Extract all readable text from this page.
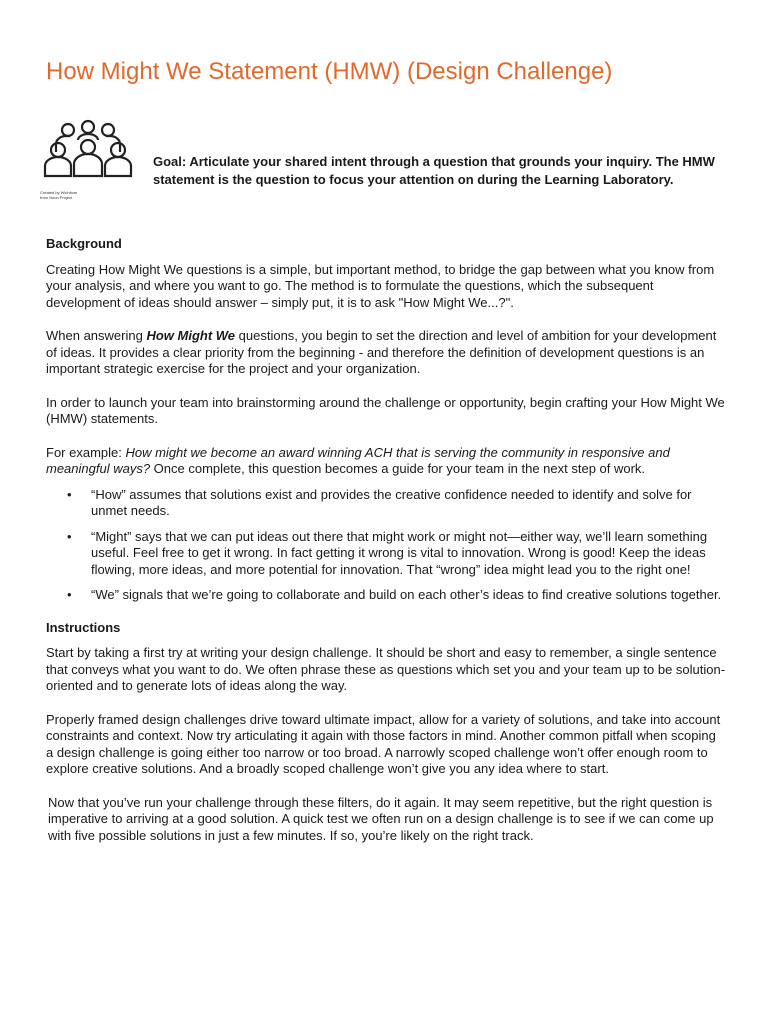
How Might We Statement (HMW) (Design Challenge)
Created by Wichitom
from Noun Project

Goal: Articulate your shared intent through a question that grounds your inquiry. The HMW statement is the question to focus your attention on during the Learning Laboratory.

Background

Creating How Might We questions is a simple, but important method, to bridge the gap between what you know from your analysis, and where you want to go. The method is to formulate the questions, which the subsequent development of ideas should answer – simply put, it is to ask "How Might We...?".

When answering How Might We questions, you begin to set the direction and level of ambition for your development of ideas. It provides a clear priority from the beginning - and therefore the definition of development questions is an important strategic exercise for the project and your organization.

In order to launch your team into brainstorming around the challenge or opportunity, begin crafting your How Might We (HMW) statements.

For example: How might we become an award winning ACH that is serving the community in responsive and meaningful ways? Once complete, this question becomes a guide for your team in the next step of work.

• “How” assumes that solutions exist and provides the creative confidence needed to identify and solve for unmet needs.
• “Might” says that we can put ideas out there that might work or might not—either way, we’ll learn something useful. Feel free to get it wrong. In fact getting it wrong is vital to innovation. Wrong is good! Keep the ideas flowing, more ideas, and more potential for innovation. That “wrong” idea might lead you to the right one!
• “We” signals that we’re going to collaborate and build on each other’s ideas to find creative solutions together.
Instructions

Start by taking a first try at writing your design challenge. It should be short and easy to remember, a single sentence that conveys what you want to do. We often phrase these as questions which set you and your team up to be solution-oriented and to generate lots of ideas along the way.

Properly framed design challenges drive toward ultimate impact, allow for a variety of solutions, and take into account constraints and context. Now try articulating it again with those factors in mind. Another common pitfall when scoping a design challenge is going either too narrow or too broad. A narrowly scoped challenge won’t offer enough room to explore creative solutions. And a broadly scoped challenge won’t give you any idea where to start.

Now that you’ve run your challenge through these filters, do it again. It may seem repetitive, but the right question is imperative to arriving at a good solution. A quick test we often run on a design challenge is to see if we can come up with five possible solutions in just a few minutes. If so, you’re likely on the right track.
